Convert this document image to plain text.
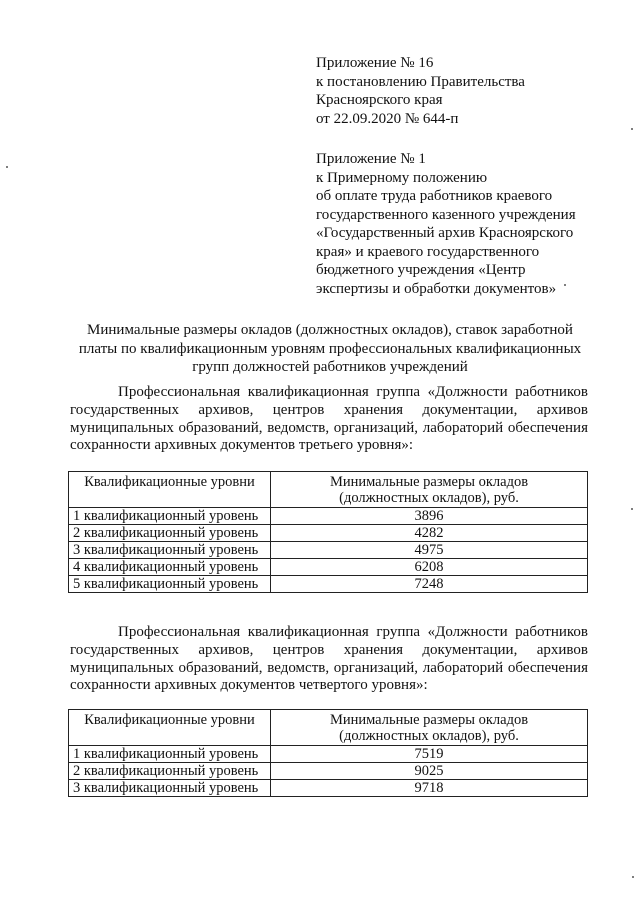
Приложение № 16
к постановлению Правительства
Красноярского края
от 22.09.2020 № 644-п
Приложение № 1
к Примерному положению
об оплате труда работников краевого
государственного казенного учреждения
«Государственный архив Красноярского
края» и краевого государственного
бюджетного учреждения «Центр
экспертизы и обработки документов»
Минимальные размеры окладов (должностных окладов), ставок заработной
платы по квалификационным уровням профессиональных квалификационных
групп должностей работников учреждений
Профессиональная квалификационная группа «Должности работников
государственных архивов, центров хранения документации, архивов
муниципальных образований, ведомств, организаций, лабораторий обеспечения
сохранности архивных документов третьего уровня»:
Квалификационные уровни	Минимальные размеры окладов
(должностных окладов), руб.
1 квалификационный уровень	3896
2 квалификационный уровень	4282
3 квалификационный уровень	4975
4 квалификационный уровень	6208
5 квалификационный уровень	7248
Профессиональная квалификационная группа «Должности работников
государственных архивов, центров хранения документации, архивов
муниципальных образований, ведомств, организаций, лабораторий обеспечения
сохранности архивных документов четвертого уровня»:
Квалификационные уровни	Минимальные размеры окладов
(должностных окладов), руб.
1 квалификационный уровень	7519
2 квалификационный уровень	9025
3 квалификационный уровень	9718
